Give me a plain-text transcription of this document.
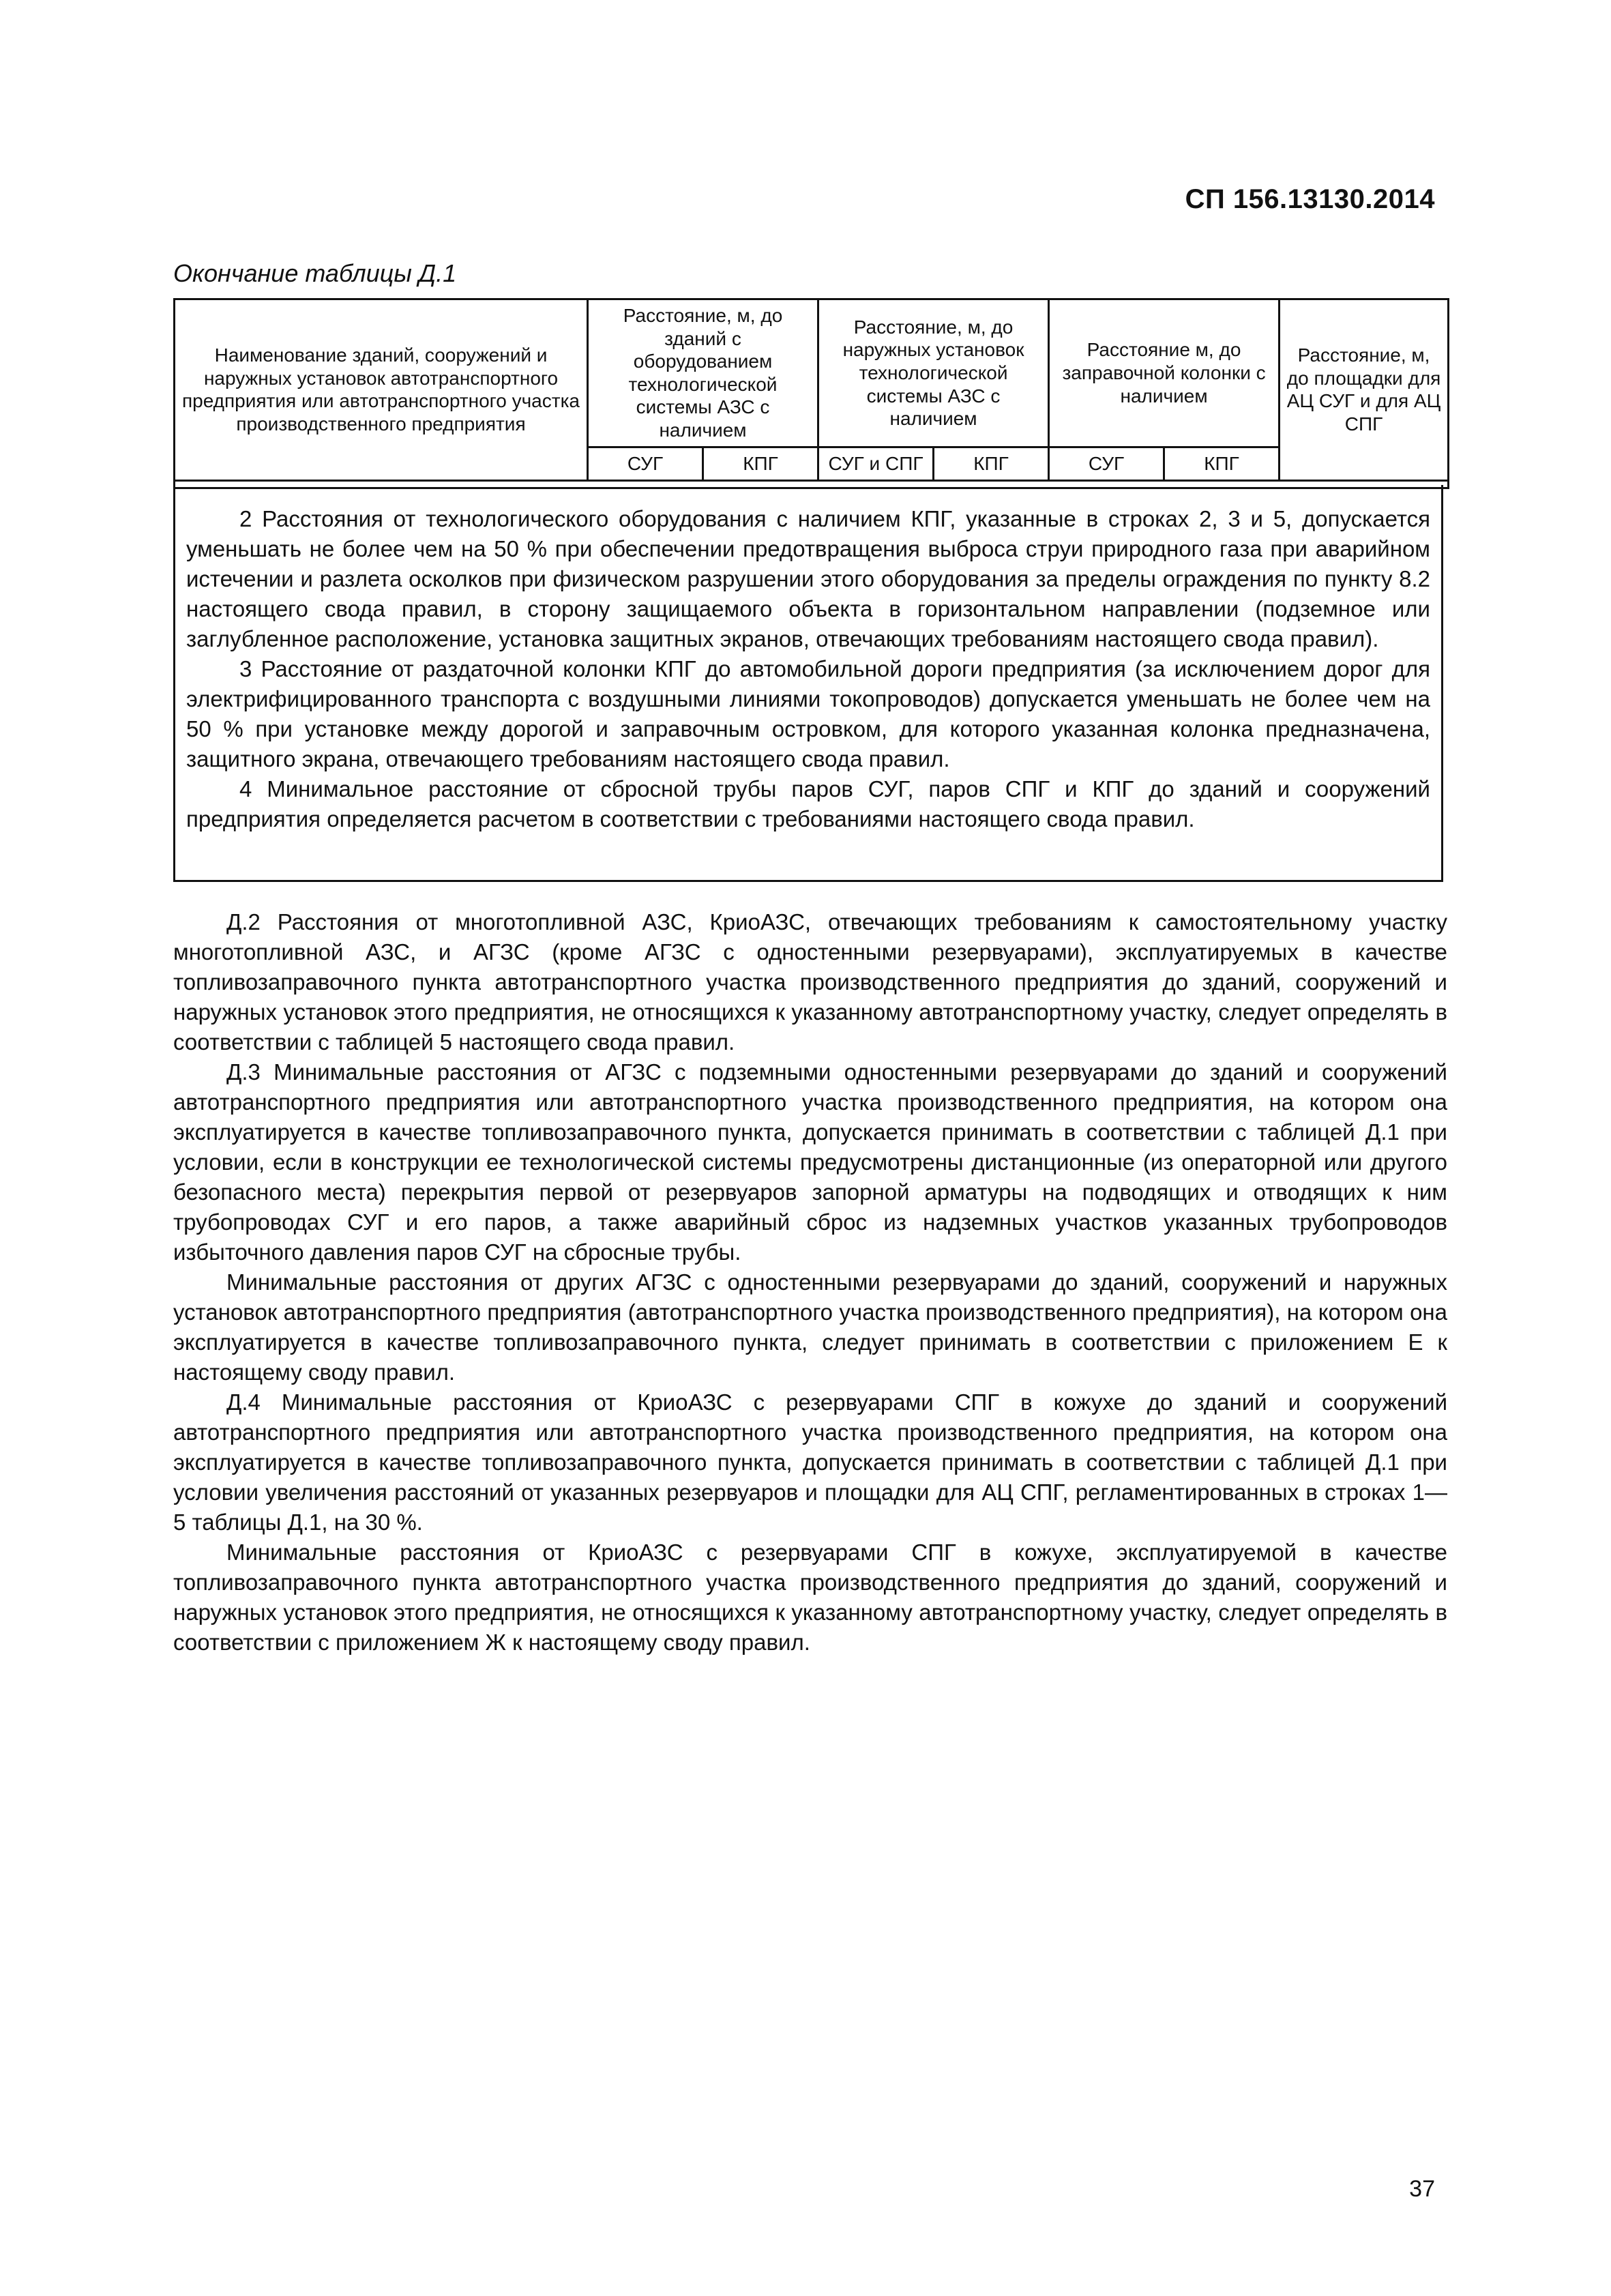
СП 156.13130.2014
Окончание таблицы Д.1
Наименование зданий, сооружений и наружных установок автотранспортного предприятия или автотранспортного участка производственного предприятия	Расстояние, м, до зданий с оборудованием технологической системы АЗС с наличием		Расстояние, м, до наружных установок технологической системы АЗС с наличием		Расстояние м, до заправочной колонки с наличием		Расстояние, м, до площадки для АЦ СУГ и для АЦ СПГ
	СУГ	КПГ	СУГ и СПГ	КПГ	СУГ	КПГ	

2 Расстояния от технологического оборудования с наличием КПГ, указанные в строках 2, 3 и 5, допускается уменьшать не более чем на 50 % при обеспечении предотвращения выброса струи природного газа при аварийном истечении и разлета осколков при физическом разрушении этого оборудования за пределы ограждения по пункту 8.2 настоящего свода правил, в сторону защищаемого объекта в горизонтальном направлении (подземное или заглубленное расположение, установка защитных экранов, отвечающих требованиям настоящего свода правил).

3 Расстояние от раздаточной колонки КПГ до автомобильной дороги предприятия (за исключением дорог для электрифицированного транспорта с воздушными линиями токопроводов) допускается уменьшать не более чем на 50 % при установке между дорогой и заправочным островком, для которого указанная колонка предназначена, защитного экрана, отвечающего требованиям настоящего свода правил.

4 Минимальное расстояние от сбросной трубы паров СУГ, паров СПГ и КПГ до зданий и сооружений предприятия определяется расчетом в соответствии с требованиями настоящего свода правил.

Д.2 Расстояния от многотопливной АЗС, КриоАЗС, отвечающих требованиям к самостоятельному участку многотопливной АЗС, и АГЗС (кроме АГЗС с одностенными резервуарами), эксплуатируемых в качестве топливозаправочного пункта автотранспортного участка производственного предприятия до зданий, сооружений и наружных установок этого предприятия, не относящихся к указанному автотранспортному участку, следует определять в соответствии с таблицей 5 настоящего свода правил.

Д.3 Минимальные расстояния от АГЗС с подземными одностенными резервуарами до зданий и сооружений автотранспортного предприятия или автотранспортного участка производственного предприятия, на котором она эксплуатируется в качестве топливозаправочного пункта, допускается принимать в соответствии с таблицей Д.1 при условии, если в конструкции ее технологической системы предусмотрены дистанционные (из операторной или другого безопасного места) перекрытия первой от резервуаров запорной арматуры на подводящих и отводящих к ним трубопроводах СУГ и его паров, а также аварийный сброс из надземных участков указанных трубопроводов избыточного давления паров СУГ на сбросные трубы.

Минимальные расстояния от других АГЗС с одностенными резервуарами до зданий, сооружений и наружных установок автотранспортного предприятия (автотранспортного участка производственного предприятия), на котором она эксплуатируется в качестве топливозаправочного пункта, следует принимать в соответствии с приложением Е к настоящему своду правил.

Д.4 Минимальные расстояния от КриоАЗС с резервуарами СПГ в кожухе до зданий и сооружений автотранспортного предприятия или автотранспортного участка производственного предприятия, на котором она эксплуатируется в качестве топливозаправочного пункта, допускается принимать в соответствии с таблицей Д.1 при условии увеличения расстояний от указанных резервуаров и площадки для АЦ СПГ, регламентированных в строках 1—5 таблицы Д.1, на 30 %.

Минимальные расстояния от КриоАЗС с резервуарами СПГ в кожухе, эксплуатируемой в качестве топливозаправочного пункта автотранспортного участка производственного предприятия до зданий, сооружений и наружных установок этого предприятия, не относящихся к указанному автотранспортному участку, следует определять в соответствии с приложением Ж к настоящему своду правил.

37
